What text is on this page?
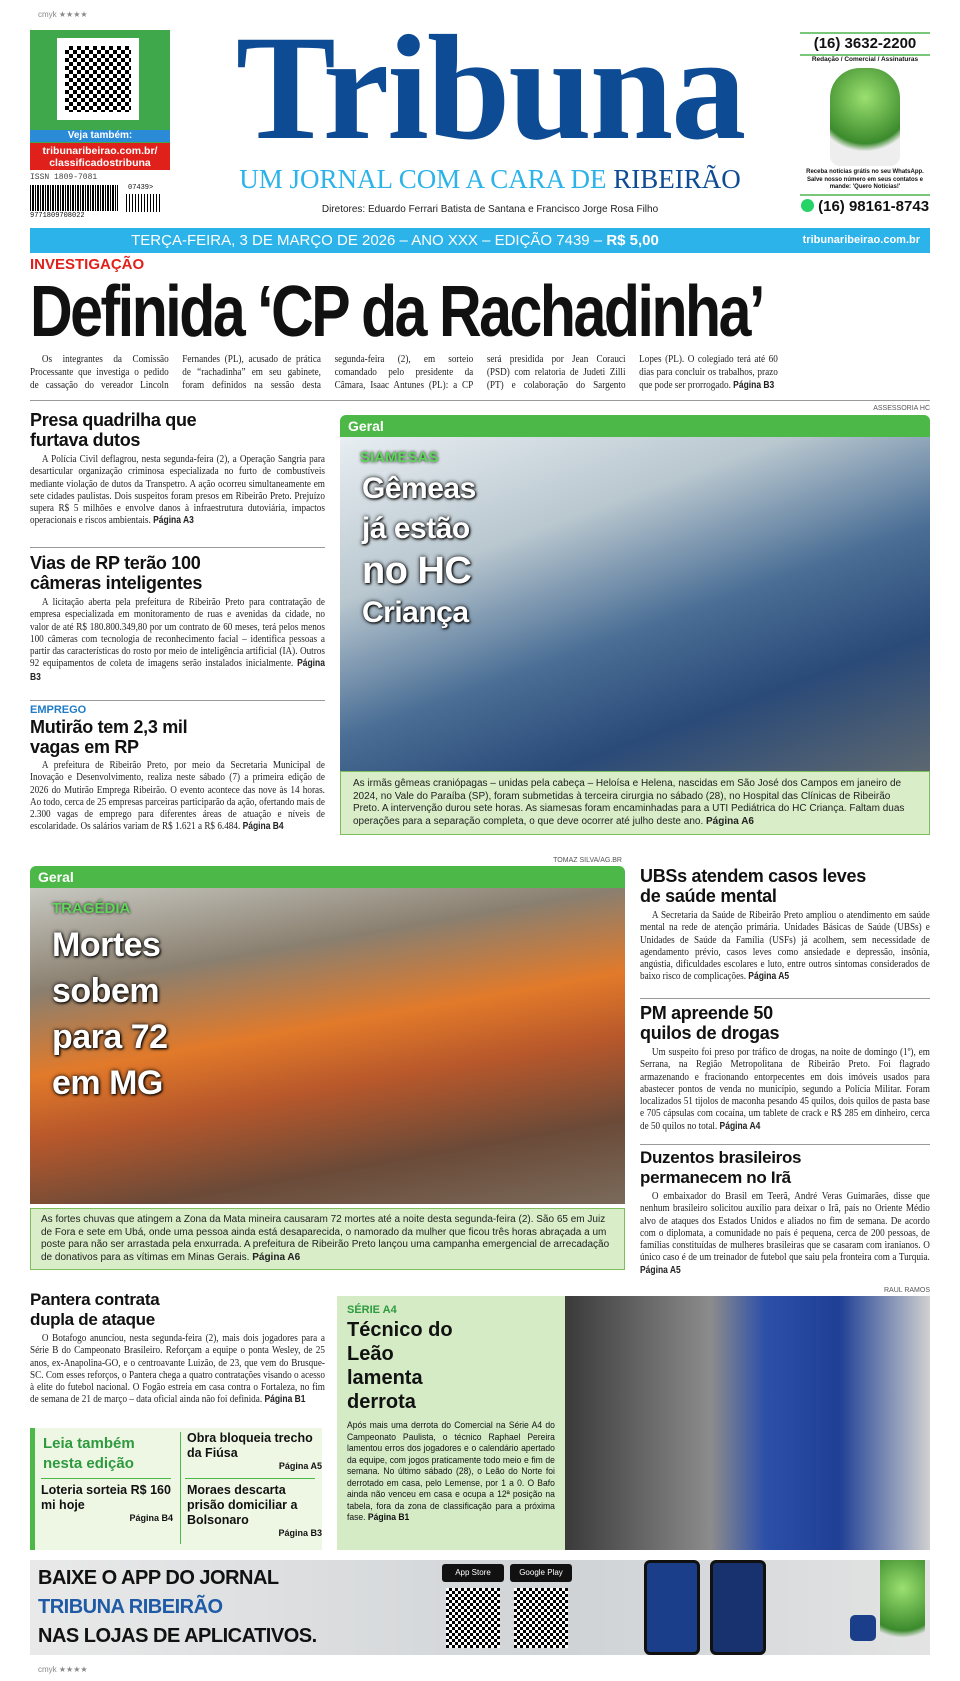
cmyk ★★★★
cmyk ★★★★
Veja também:
tribunaribeirao.com.br/ classificadostribuna
ISSN 1809-7081
9771809708022
07439>
Tribuna
UM JORNAL COM A CARA DE RIBEIRÃO
Diretores: Eduardo Ferrari Batista de Santana e Francisco Jorge Rosa Filho
(16) 3632-2200
Redação / Comercial / Assinaturas
Receba notícias grátis no seu WhatsApp. Salve nosso número em seus contatos e mande: 'Quero Notícias!'
(16) 98161-8743
TERÇA-FEIRA, 3 DE MARÇO DE 2026 – ANO XXX – EDIÇÃO 7439 – R$ 5,00	tribunaribeirao.com.br
INVESTIGAÇÃO
Definida ‘CP da Rachadinha’
Os integrantes da Comissão Processante que investiga o pedido de cassação do vereador Lincoln Fernandes (PL), acusado de prática de “rachadinha” em seu gabinete, foram definidos na sessão desta segunda-feira (2), em sorteio comandado pelo presidente da Câmara, Isaac Antunes (PL): a CP será presidida por Jean Corauci (PSD) com relatoria de Judeti Zilli (PT) e colaboração do Sargento Lopes (PL). O colegiado terá até 60 dias para concluir os trabalhos, prazo que pode ser prorrogado. Página B3
ASSESSORIA HC
Presa quadrilha que furtava dutos
A Polícia Civil deflagrou, nesta segunda-feira (2), a Operação Sangria para desarticular organização criminosa especializada no furto de combustíveis mediante violação de dutos da Transpetro. A ação ocorreu simultaneamente em sete cidades paulistas. Dois suspeitos foram presos em Ribeirão Preto. Prejuízo supera R$ 5 milhões e envolve danos à infraestrutura dutoviária, impactos operacionais e riscos ambientais. Página A3
Vias de RP terão 100 câmeras inteligentes
A licitação aberta pela prefeitura de Ribeirão Preto para contratação de empresa especializada em monitoramento de ruas e avenidas da cidade, no valor de até R$ 180.800.349,80 por um contrato de 60 meses, terá pelos menos 100 câmeras com tecnologia de reconhecimento facial – identifica pessoas a partir das características do rosto por meio de inteligência artificial (IA). Outros 92 equipamentos de coleta de imagens serão instalados inicialmente. Página B3
EMPREGO
Mutirão tem 2,3 mil vagas em RP
A prefeitura de Ribeirão Preto, por meio da Secretaria Municipal de Inovação e Desenvolvimento, realiza neste sábado (7) a primeira edição de 2026 do Mutirão Emprega Ribeirão. O evento acontece das nove às 14 horas. Ao todo, cerca de 25 empresas parceiras participarão da ação, ofertando mais de 2.300 vagas de emprego para diferentes áreas de atuação e níveis de escolaridade. Os salários variam de R$ 1.621 a R$ 6.484. Página B4
Geral
SIAMESAS
Gêmeas
já estão
no HC
Criança
As irmãs gêmeas craniópagas – unidas pela cabeça – Heloísa e Helena, nascidas em São José dos Campos em janeiro de 2024, no Vale do Paraíba (SP), foram submetidas à terceira cirurgia no sábado (28), no Hospital das Clínicas de Ribeirão Preto. A intervenção durou sete horas. As siamesas foram encaminhadas para a UTI Pediátrica do HC Criança. Faltam duas operações para a separação completa, o que deve ocorrer até julho deste ano. Página A6
TOMAZ SILVA/AG.BR
Geral
TRAGÉDIA
Mortes
sobem
para 72
em MG
As fortes chuvas que atingem a Zona da Mata mineira causaram 72 mortes até a noite desta segunda-feira (2). São 65 em Juiz de Fora e sete em Ubá, onde uma pessoa ainda está desaparecida, o namorado da mulher que ficou três horas abraçada a um poste para não ser arrastada pela enxurrada. A prefeitura de Ribeirão Preto lançou uma campanha emergencial de arrecadação de donativos para as vítimas em Minas Gerais. Página A6
UBSs atendem casos leves de saúde mental
A Secretaria da Saúde de Ribeirão Preto ampliou o atendimento em saúde mental na rede de atenção primária. Unidades Básicas de Saúde (UBSs) e Unidades de Saúde da Família (USFs) já acolhem, sem necessidade de agendamento prévio, casos leves como ansiedade e depressão, insônia, angústia, dificuldades escolares e luto, entre outros sintomas considerados de baixo risco de complicações. Página A5
PM apreende 50 quilos de drogas
Um suspeito foi preso por tráfico de drogas, na noite de domingo (1º), em Serrana, na Região Metropolitana de Ribeirão Preto. Foi flagrado armazenando e fracionando entorpecentes em dois imóveis usados para abastecer pontos de venda no município, segundo a Polícia Militar. Foram localizados 51 tijolos de maconha pesando 45 quilos, dois quilos de pasta base e 705 cápsulas com cocaína, um tablete de crack e R$ 285 em dinheiro, cerca de 50 quilos no total. Página A4
Duzentos brasileiros permanecem no Irã
O embaixador do Brasil em Teerã, André Veras Guimarães, disse que nenhum brasileiro solicitou auxílio para deixar o Irã, país no Oriente Médio alvo de ataques dos Estados Unidos e aliados no fim de semana. De acordo com o diplomata, a comunidade no país é pequena, cerca de 200 pessoas, de famílias constituídas de mulheres brasileiras que se casaram com iranianos. O único caso é de um treinador de futebol que saiu pela fronteira com a Turquia. Página A5
Pantera contrata dupla de ataque
O Botafogo anunciou, nesta segunda-feira (2), mais dois jogadores para a Série B do Campeonato Brasileiro. Reforçam a equipe o ponta Wesley, de 25 anos, ex-Anapolina-GO, e o centroavante Luizão, de 23, que vem do Brusque-SC. Com esses reforços, o Pantera chega a quatro contratações visando o acesso à elite do futebol nacional. O Fogão estreia em casa contra o Fortaleza, no fim de semana de 21 de março – data oficial ainda não foi definida. Página B1
Leia também nesta edição
Obra bloqueia trecho da Fiúsa
Página A5
Loteria sorteia R$ 160 mi hoje
Página B4
Moraes descarta prisão domiciliar a Bolsonaro
Página B3
SÉRIE A4
Técnico do Leão lamenta derrota
Após mais uma derrota do Comercial na Série A4 do Campeonato Paulista, o técnico Raphael Pereira lamentou erros dos jogadores e o calendário apertado da equipe, com jogos praticamente todo meio e fim de semana. No último sábado (28), o Leão do Norte foi derrotado em casa, pelo Lemense, por 1 a 0. O Bafo ainda não venceu em casa e ocupa a 12ª posição na tabela, fora da zona de classificação para a próxima fase. Página B1
RAUL RAMOS
BAIXE O APP DO JORNAL
TRIBUNA RIBEIRÃO
NAS LOJAS DE APLICATIVOS.
App Store	Google Play
